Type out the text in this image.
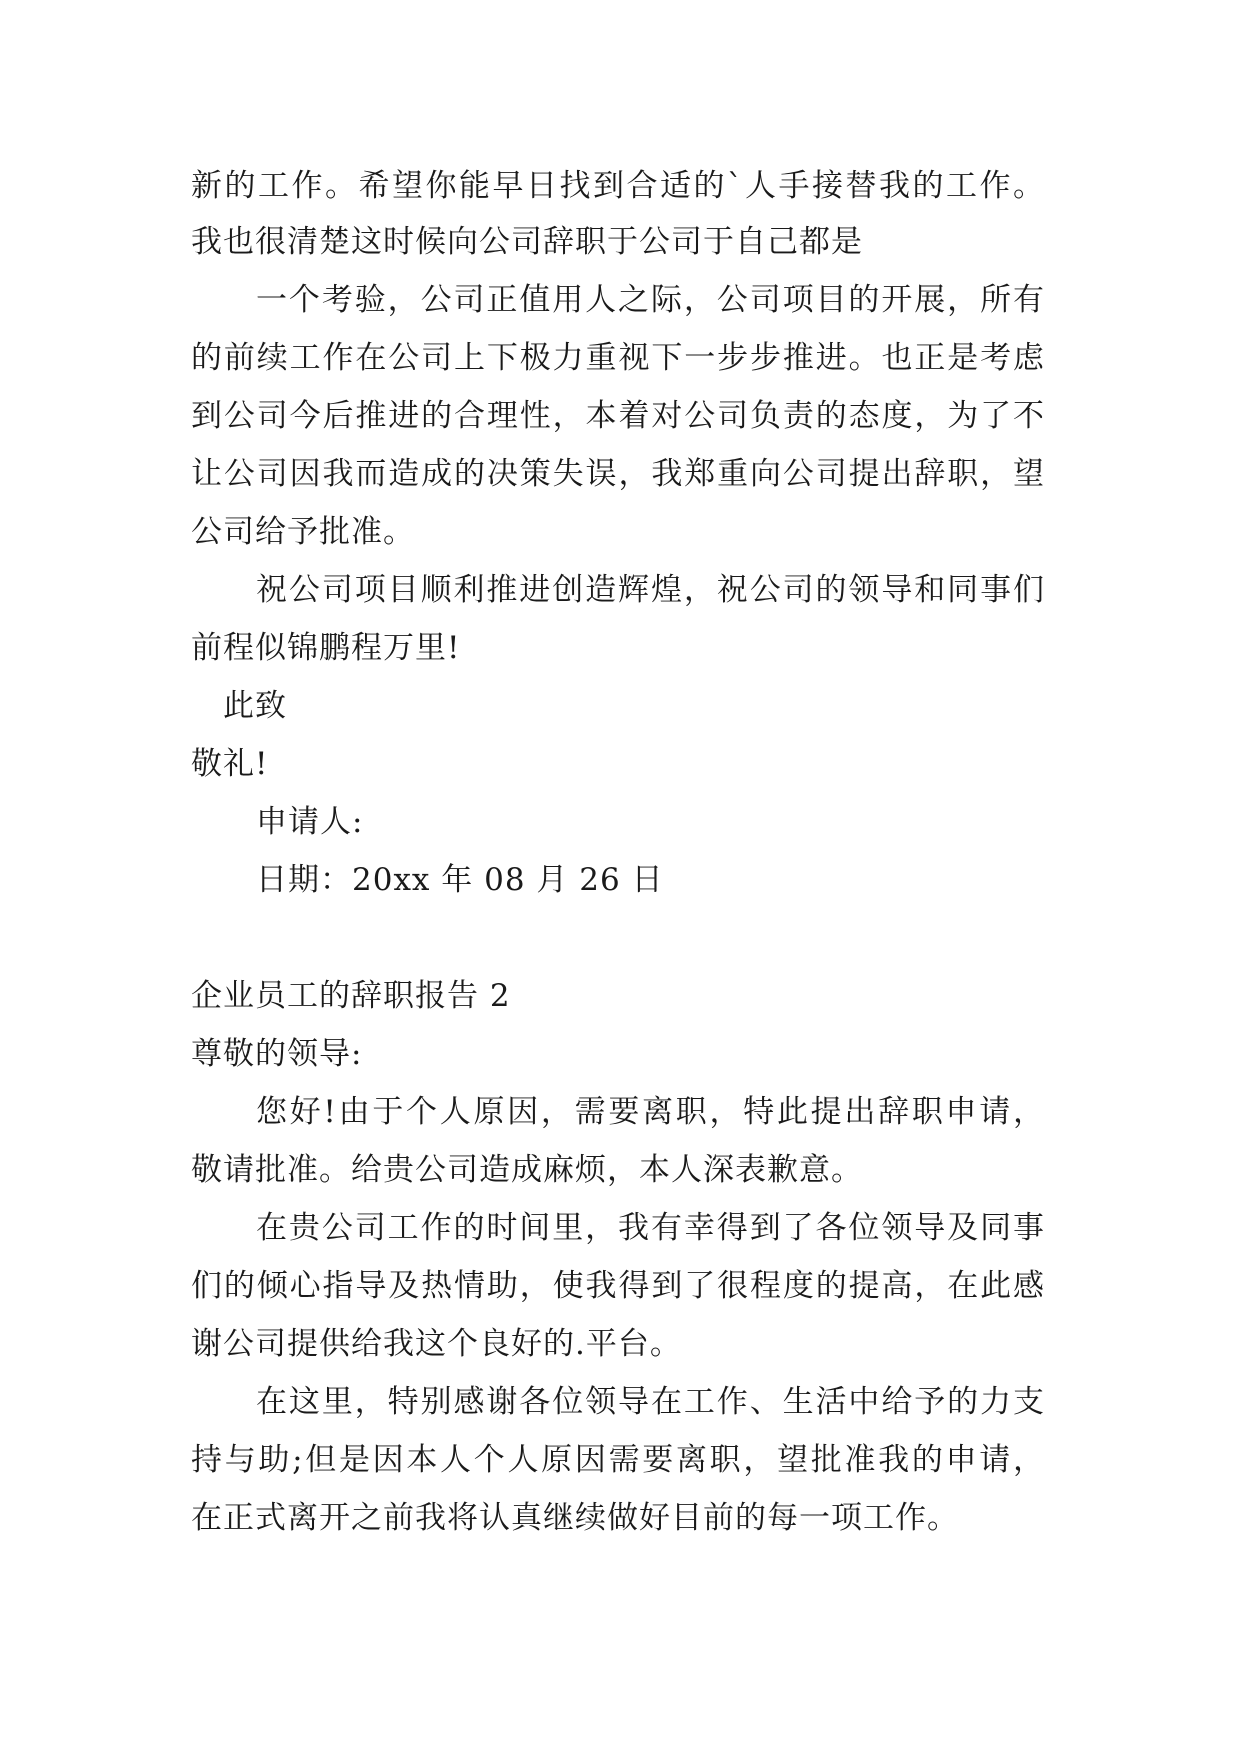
新的工作。希望你能早日找到合适的`人手接替我的工作。
我也很清楚这时候向公司辞职于公司于自己都是
一个考验，公司正值用人之际，公司项目的开展，所有
的前续工作在公司上下极力重视下一步步推进。也正是考虑
到公司今后推进的合理性，本着对公司负责的态度，为了不
让公司因我而造成的决策失误，我郑重向公司提出辞职，望
公司给予批准。
祝公司项目顺利推进创造辉煌，祝公司的领导和同事们
前程似锦鹏程万里!
此致
敬礼!
申请人:
日期：20xx 年 08 月 26 日
企业员工的辞职报告 2
尊敬的领导:
您好!由于个人原因，需要离职，特此提出辞职申请，
敬请批准。给贵公司造成麻烦，本人深表歉意。
在贵公司工作的时间里，我有幸得到了各位领导及同事
们的倾心指导及热情助，使我得到了很程度的提高，在此感
谢公司提供给我这个良好的.平台。
在这里，特别感谢各位领导在工作、生活中给予的力支
持与助;但是因本人个人原因需要离职，望批准我的申请，
在正式离开之前我将认真继续做好目前的每一项工作。
